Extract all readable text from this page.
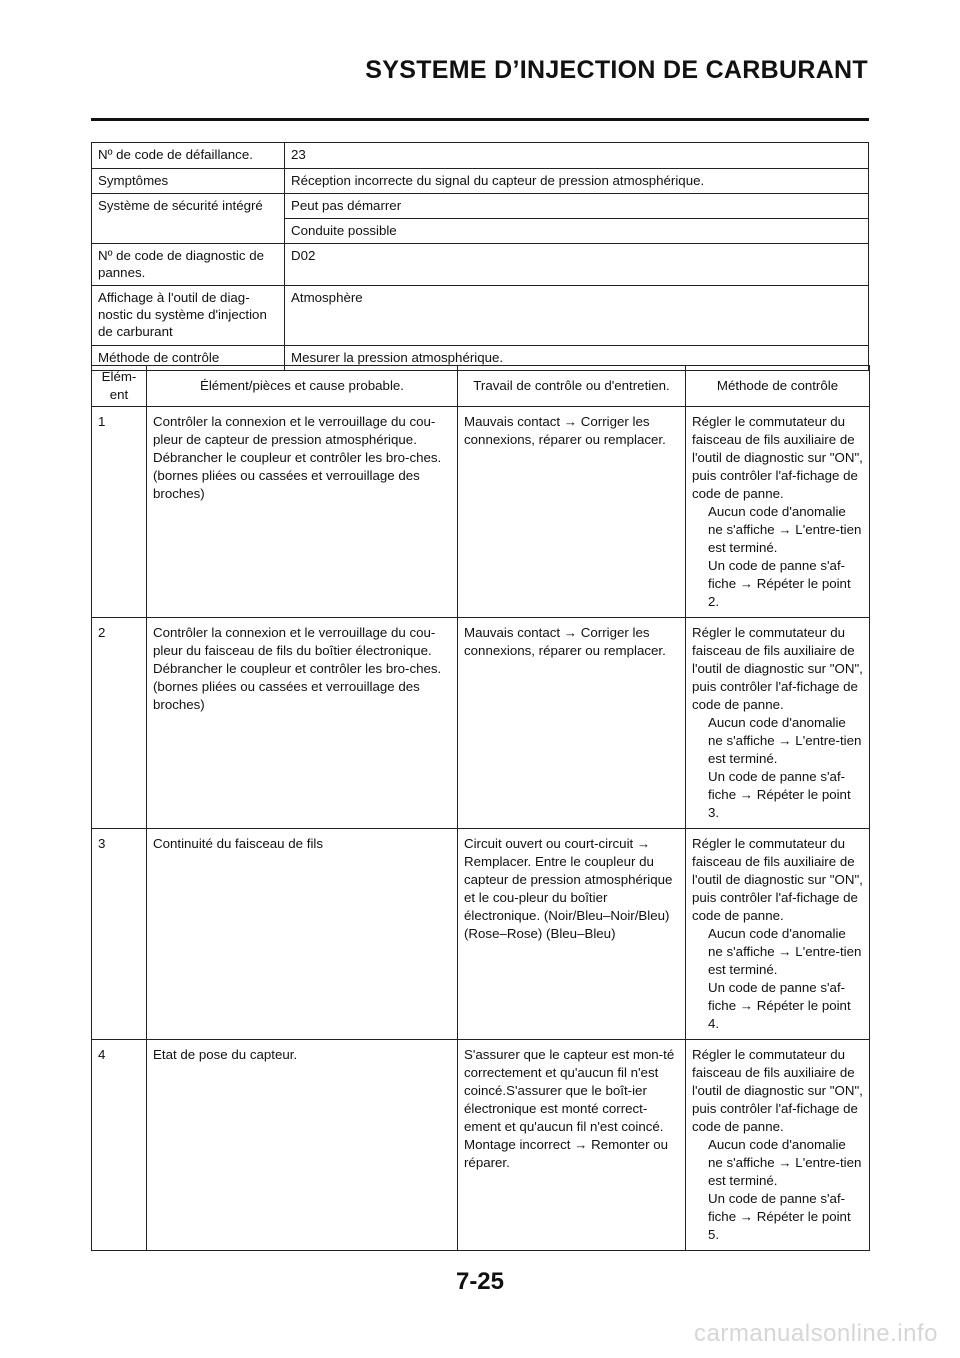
SYSTEME D’INJECTION DE CARBURANT
Nº de code de défaillance.	23
Symptômes	Réception incorrecte du signal du capteur de pression atmosphérique.
Système de sécurité intégré	Peut pas démarrer
Conduite possible
Nº de code de diagnostic de pannes.	D02
Affichage à l'outil de diag-nostic du système d'injection de carburant	Atmosphère
Méthode de contrôle	Mesurer la pression atmosphérique.
Elém-ent	Élément/pièces et cause probable.	Travail de contrôle ou d'entretien.	Méthode de contrôle
1	Contrôler la connexion et le verrouillage du cou-pleur de capteur de pression atmosphérique. Débrancher le coupleur et contrôler les bro-ches. (bornes pliées ou cassées et verrouillage des broches)	Mauvais contact → Corriger les connexions, réparer ou remplacer.	
Régler le commutateur du faisceau de fils auxiliaire de l'outil de diagnostic sur "ON", puis contrôler l'af-fichage de code de panne.
Aucun code d'anomalie ne s'affiche → L'entre-tien est terminé.
Un code de panne s'af-fiche → Répéter le point 2.

2	Contrôler la connexion et le verrouillage du cou-pleur du faisceau de fils du boîtier électronique. Débrancher le coupleur et contrôler les bro-ches. (bornes pliées ou cassées et verrouillage des broches)	Mauvais contact → Corriger les connexions, réparer ou remplacer.	
Régler le commutateur du faisceau de fils auxiliaire de l'outil de diagnostic sur "ON", puis contrôler l'af-fichage de code de panne.
Aucun code d'anomalie ne s'affiche → L'entre-tien est terminé.
Un code de panne s'af-fiche → Répéter le point 3.

3	Continuité du faisceau de fils	Circuit ouvert ou court-circuit → Remplacer. Entre le coupleur du capteur de pression atmosphérique et le cou-pleur du boîtier électronique. (Noir/Bleu–Noir/Bleu) (Rose–Rose) (Bleu–Bleu)	
Régler le commutateur du faisceau de fils auxiliaire de l'outil de diagnostic sur "ON", puis contrôler l'af-fichage de code de panne.
Aucun code d'anomalie ne s'affiche → L'entre-tien est terminé.
Un code de panne s'af-fiche → Répéter le point 4.

4	Etat de pose du capteur.	S'assurer que le capteur est mon-té correctement et qu'aucun fil n'est coincé.S'assurer que le boît-ier électronique est monté correct-ement et qu'aucun fil n'est coincé. Montage incorrect → Remonter ou réparer.	
Régler le commutateur du faisceau de fils auxiliaire de l'outil de diagnostic sur "ON", puis contrôler l'af-fichage de code de panne.
Aucun code d'anomalie ne s'affiche → L'entre-tien est terminé.
Un code de panne s'af-fiche → Répéter le point 5.
7-25
carmanualsonline.info
